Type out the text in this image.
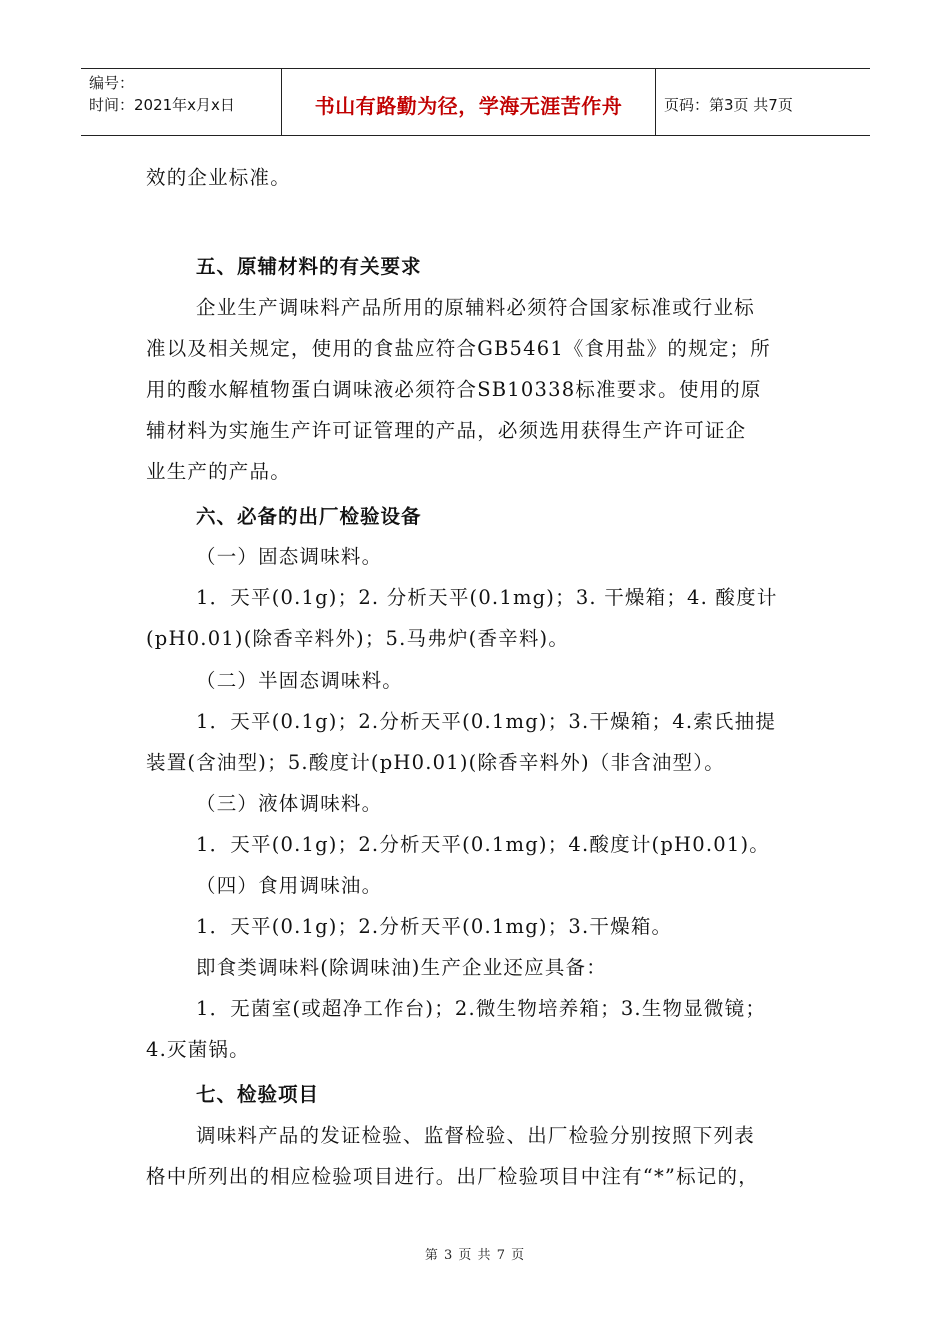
编号：
时间：2021年x月x日	书山有路勤为径，学海无涯苦作舟	页码：第3页 共7页
效的企业标准。
五、原辅材料的有关要求
企业生产调味料产品所用的原辅料必须符合国家标准或行业标
准以及相关规定，使用的食盐应符合GB5461《食用盐》的规定；所
用的酸水解植物蛋白调味液必须符合SB10338标准要求。使用的原
辅材料为实施生产许可证管理的产品，必须选用获得生产许可证企
业生产的产品。
六、必备的出厂检验设备
（一）固态调味料。
1．天平(0.1g)；2. 分析天平(0.1mg)；3. 干燥箱；4. 酸度计
(pH0.01)(除香辛料外)；5.马弗炉(香辛料)。
（二）半固态调味料。
1．天平(0.1g)；2.分析天平(0.1mg)；3.干燥箱；4.索氏抽提
装置(含油型)；5.酸度计(pH0.01)(除香辛料外)（非含油型）。
（三）液体调味料。
1．天平(0.1g)；2.分析天平(0.1mg)；4.酸度计(pH0.01)。
（四）食用调味油。
1．天平(0.1g)；2.分析天平(0.1mg)；3.干燥箱。
即食类调味料(除调味油)生产企业还应具备：
1．无菌室(或超净工作台)；2.微生物培养箱；3.生物显微镜；
4.灭菌锅。
七、检验项目
调味料产品的发证检验、监督检验、出厂检验分别按照下列表
格中所列出的相应检验项目进行。出厂检验项目中注有“*”标记的，
第 3 页 共 7 页
